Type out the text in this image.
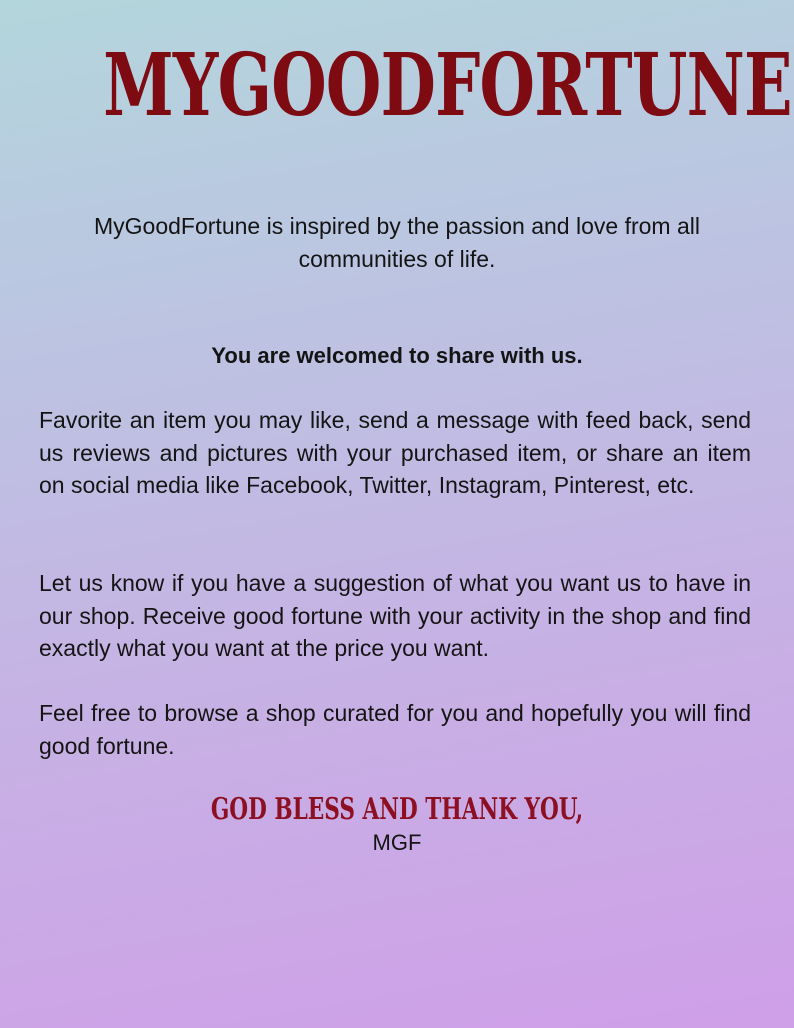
MYGOODFORTUNE
MyGoodFortune is inspired by the passion and love from all communities of life.
You are welcomed to share with us.
Favorite an item you may like, send a message with feed back, send us reviews and pictures with your purchased item, or share an item on social media like Facebook, Twitter, Instagram, Pinterest, etc.
Let us know if you have a suggestion of what you want us to have in our shop. Receive good fortune with your activity in the shop and find exactly what you want at the price you want.
Feel free to browse a shop curated for you and hopefully you will find good fortune.
GOD BLESS AND THANK YOU,
MGF
